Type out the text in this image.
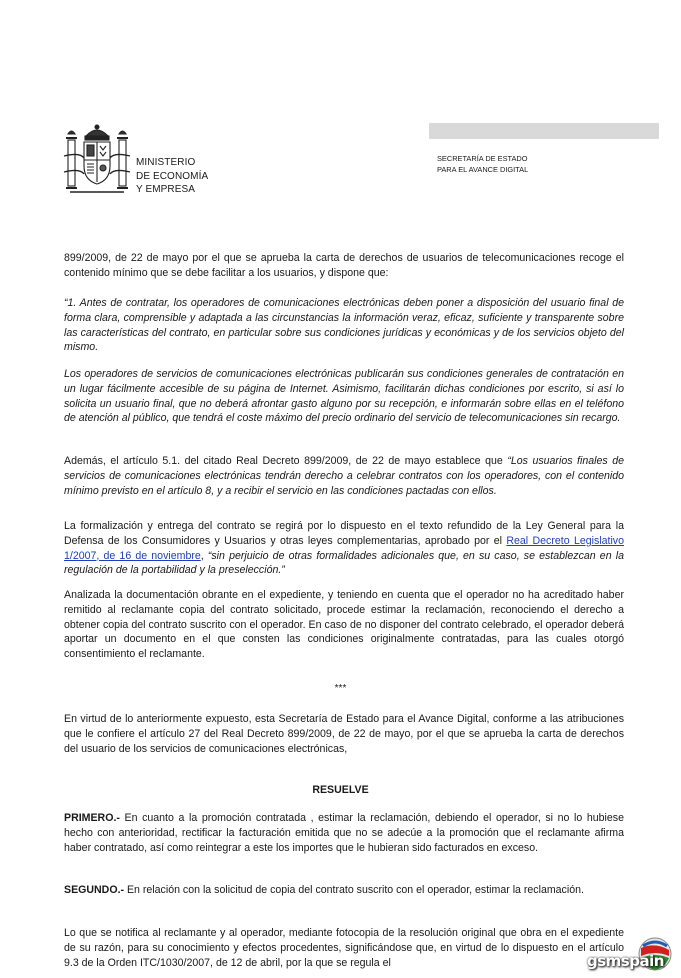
MINISTERIO
DE ECONOMÍA
Y EMPRESA
SECRETARÍA DE ESTADO
PARA EL AVANCE DIGITAL

899/2009, de 22 de mayo por el que se aprueba la carta de derechos de usuarios de telecomunicaciones recoge el contenido mínimo que se debe facilitar a los usuarios, y dispone que:

“1. Antes de contratar, los operadores de comunicaciones electrónicas deben poner a disposición del usuario final de forma clara, comprensible y adaptada a las circunstancias la información veraz, eficaz, suficiente y transparente sobre las características del contrato, en particular sobre sus condiciones jurídicas y económicas y de los servicios objeto del mismo.

Los operadores de servicios de comunicaciones electrónicas publicarán sus condiciones generales de contratación en un lugar fácilmente accesible de su página de Internet. Asimismo, facilitarán dichas condiciones por escrito, si así lo solicita un usuario final, que no deberá afrontar gasto alguno por su recepción, e informarán sobre ellas en el teléfono de atención al público, que tendrá el coste máximo del precio ordinario del servicio de telecomunicaciones sin recargo.

Además, el artículo 5.1. del citado Real Decreto 899/2009, de 22 de mayo establece que “Los usuarios finales de servicios de comunicaciones electrónicas tendrán derecho a celebrar contratos con los operadores, con el contenido mínimo previsto en el artículo 8, y a recibir el servicio en las condiciones pactadas con ellos.

La formalización y entrega del contrato se regirá por lo dispuesto en el texto refundido de la Ley General para la Defensa de los Consumidores y Usuarios y otras leyes complementarias, aprobado por el Real Decreto Legislativo 1/2007, de 16 de noviembre, “sin perjuicio de otras formalidades adicionales que, en su caso, se establezcan en la regulación de la portabilidad y la preselección.”

Analizada la documentación obrante en el expediente, y teniendo en cuenta que el operador no ha acreditado haber remitido al reclamante copia del contrato solicitado, procede estimar la reclamación, reconociendo el derecho a obtener copia del contrato suscrito con el operador. En caso de no disponer del contrato celebrado, el operador deberá aportar un documento en el que consten las condiciones originalmente contratadas, para las cuales otorgó consentimiento el reclamante.

***

En virtud de lo anteriormente expuesto, esta Secretaría de Estado para el Avance Digital, conforme a las atribuciones que le confiere el artículo 27 del Real Decreto 899/2009, de 22 de mayo, por el que se aprueba la carta de derechos del usuario de los servicios de comunicaciones electrónicas,

RESUELVE

PRIMERO.- En cuanto a la promoción contratada , estimar la reclamación, debiendo el operador, si no lo hubiese hecho con anterioridad, rectificar la facturación emitida que no se adecúe a la promoción que el reclamante afirma haber contratado, así como reintegrar a este los importes que le hubieran sido facturados en exceso.

SEGUNDO.- En relación con la solicitud de copia del contrato suscrito con el operador, estimar la reclamación.

Lo que se notifica al reclamante y al operador, mediante fotocopia de la resolución original que obra en el expediente de su razón, para su conocimiento y efectos procedentes, significándose que, en virtud de lo dispuesto en el artículo 9.3 de la Orden ITC/1030/2007, de 12 de abril, por la que se regula el	gsmspain
